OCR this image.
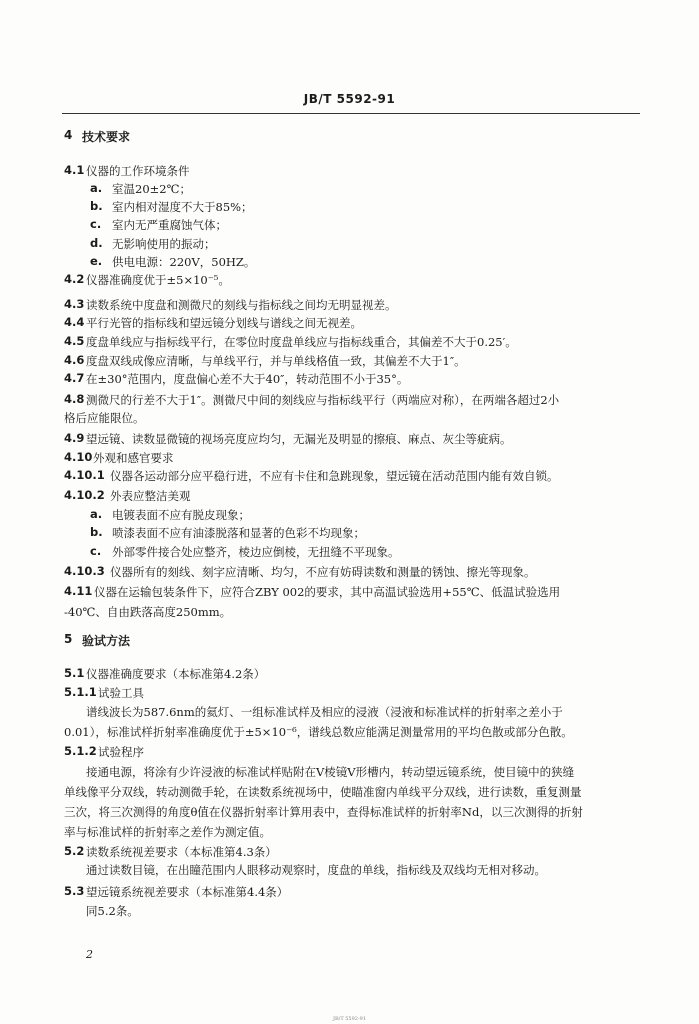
JB/T 5592-91
4 技术要求
4.1 仪器的工作环境条件
a. 室温20±2℃；
b. 室内相对湿度不大于85%；
c. 室内无严重腐蚀气体；
d. 无影响使用的振动；
e. 供电电源：220V，50HZ。
4.2 仪器准确度优于±5×10⁻⁵。
4.3 读数系统中度盘和测微尺的刻线与指标线之间均无明显视差。
4.4 平行光管的指标线和望远镜分划线与谱线之间无视差。
4.5 度盘单线应与指标线平行，在零位时度盘单线应与指标线重合，其偏差不大于0.25′。
4.6 度盘双线成像应清晰，与单线平行，并与单线格值一致，其偏差不大于1″。
4.7 在±30°范围内，度盘偏心差不大于40″，转动范围不小于35°。
4.8 测微尺的行差不大于1″。测微尺中间的刻线应与指标线平行（两端应对称），在两端各超过2小
格后应能限位。
4.9 望远镜、读数显微镜的视场亮度应均匀，无漏光及明显的擦痕、麻点、灰尘等疵病。
4.10 外观和感官要求
4.10.1 仪器各运动部分应平稳行进，不应有卡住和急跳现象，望远镜在活动范围内能有效自锁。
4.10.2 外表应整洁美观
a. 电镀表面不应有脱皮现象；
b. 喷漆表面不应有油漆脱落和显著的色彩不均现象；
c. 外部零件接合处应整齐，棱边应倒棱，无扭缝不平现象。
4.10.3 仪器所有的刻线、刻字应清晰、均匀，不应有妨碍读数和测量的锈蚀、擦光等现象。
4.11 仪器在运输包装条件下，应符合ZBY 002的要求，其中高温试验选用+55℃、低温试验选用
-40℃、自由跌落高度250mm。
5 验试方法
5.1 仪器准确度要求（本标准第4.2条）
5.1.1 试验工具
谱线波长为587.6nm的氦灯、一组标准试样及相应的浸液（浸液和标准试样的折射率之差小于
0.01），标准试样折射率准确度优于±5×10⁻⁶，谱线总数应能满足测量常用的平均色散或部分色散。
5.1.2 试验程序
接通电源，将涂有少许浸液的标准试样贴附在V棱镜V形槽内，转动望远镜系统，使目镜中的狭缝
单线像平分双线，转动测微手轮，在读数系统视场中，使瞄准窗内单线平分双线，进行读数，重复测量
三次，将三次测得的角度θ值在仪器折射率计算用表中，查得标准试样的折射率Nd，以三次测得的折射
率与标准试样的折射率之差作为测定值。
5.2 读数系统视差要求（本标准第4.3条）
通过读数目镜，在出瞳范围内人眼移动观察时，度盘的单线，指标线及双线均无相对移动。
5.3 望远镜系统视差要求（本标准第4.4条）
同5.2条。
2
JB/T 5592-91
